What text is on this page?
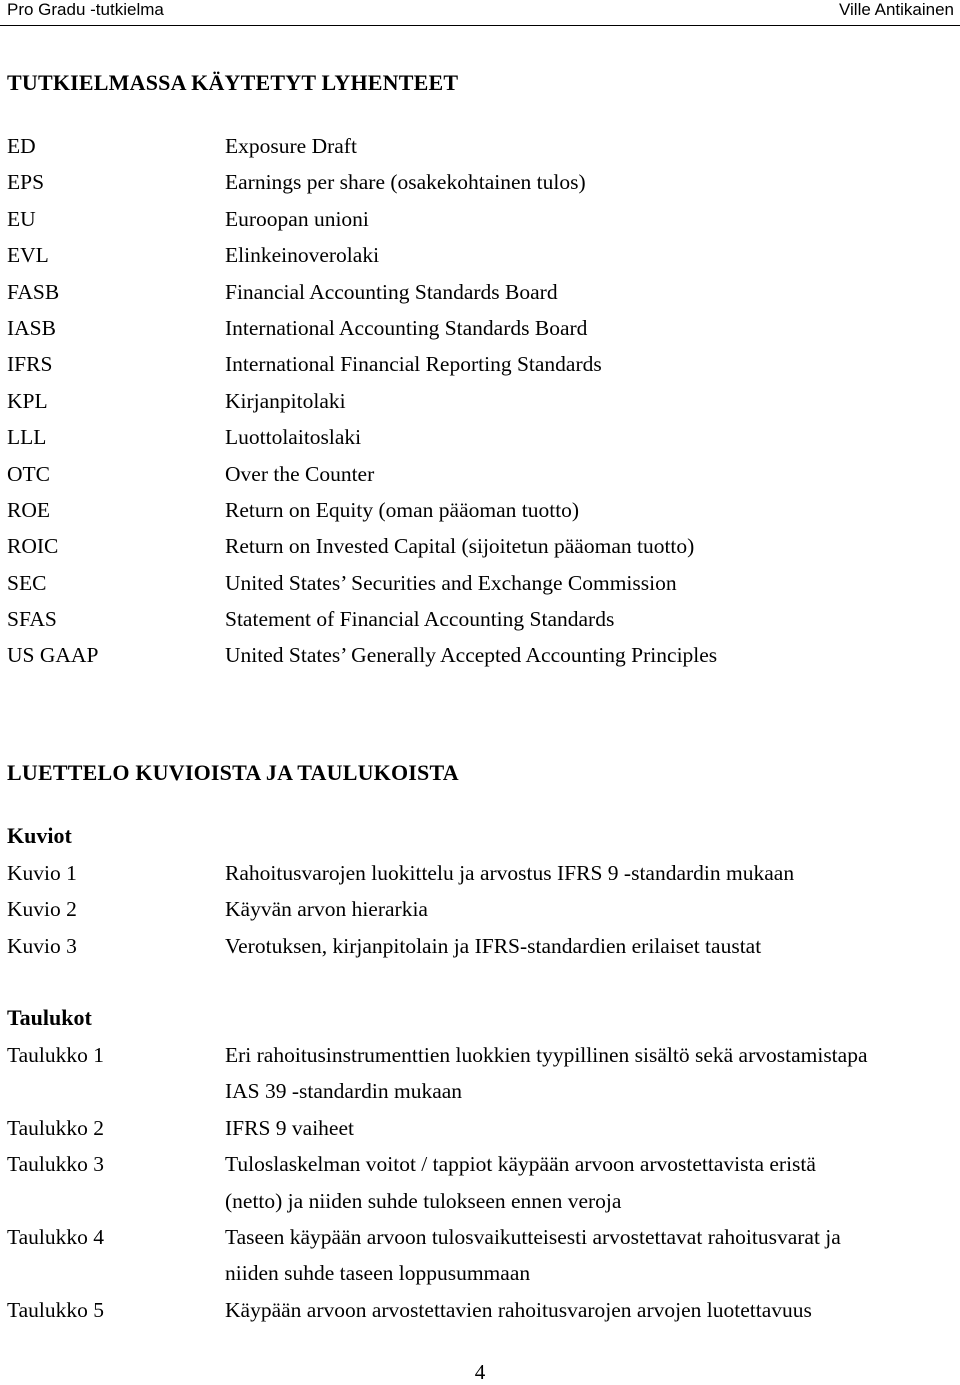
Pro Gradu -tutkielma	Ville Antikainen
TUTKIELMASSA KÄYTETYT LYHENTEET
ED	Exposure Draft
EPS	Earnings per share (osakekohtainen tulos)
EU	Euroopan unioni
EVL	Elinkeinoverolaki
FASB	Financial Accounting Standards Board
IASB	International Accounting Standards Board
IFRS	International Financial Reporting Standards
KPL	Kirjanpitolaki
LLL	Luottolaitoslaki
OTC	Over the Counter
ROE	Return on Equity (oman pääoman tuotto)
ROIC	Return on Invested Capital (sijoitetun pääoman tuotto)
SEC	United States’ Securities and Exchange Commission
SFAS	Statement of Financial Accounting Standards
US GAAP	United States’ Generally Accepted Accounting Principles
LUETTELO KUVIOISTA JA TAULUKOISTA
Kuviot
Kuvio 1	Rahoitusvarojen luokittelu ja arvostus IFRS 9 -standardin mukaan
Kuvio 2	Käyvän arvon hierarkia
Kuvio 3	Verotuksen, kirjanpitolain ja IFRS-standardien erilaiset taustat
Taulukot
Taulukko 1	Eri rahoitusinstrumenttien luokkien tyypillinen sisältö sekä arvostamistapa
IAS 39 -standardin mukaan
Taulukko 2	IFRS 9 vaiheet
Taulukko 3	Tuloslaskelman voitot / tappiot käypään arvoon arvostettavista eristä
(netto) ja niiden suhde tulokseen ennen veroja
Taulukko 4	Taseen käypään arvoon tulosvaikutteisesti arvostettavat rahoitusvarat ja
niiden suhde taseen loppusummaan
Taulukko 5	Käypään arvoon arvostettavien rahoitusvarojen arvojen luotettavuus
4
